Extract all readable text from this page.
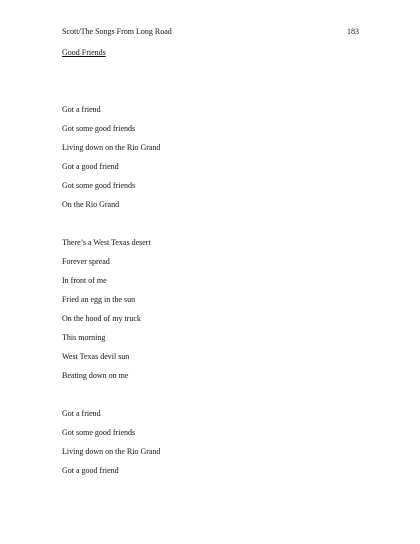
Scott/The Songs From Long Road	183
Good Friends
Got a friend
Got some good friends
Living down on the Rio Grand
Got a good friend
Got some good friends
On the Rio Grand
There’s a West Texas desert
Forever spread
In front of me
Fried an egg in the sun
On the hood of my truck
This morning
West Texas devil sun
Beating down on me
Got a friend
Got some good friends
Living down on the Rio Grand
Got a good friend
